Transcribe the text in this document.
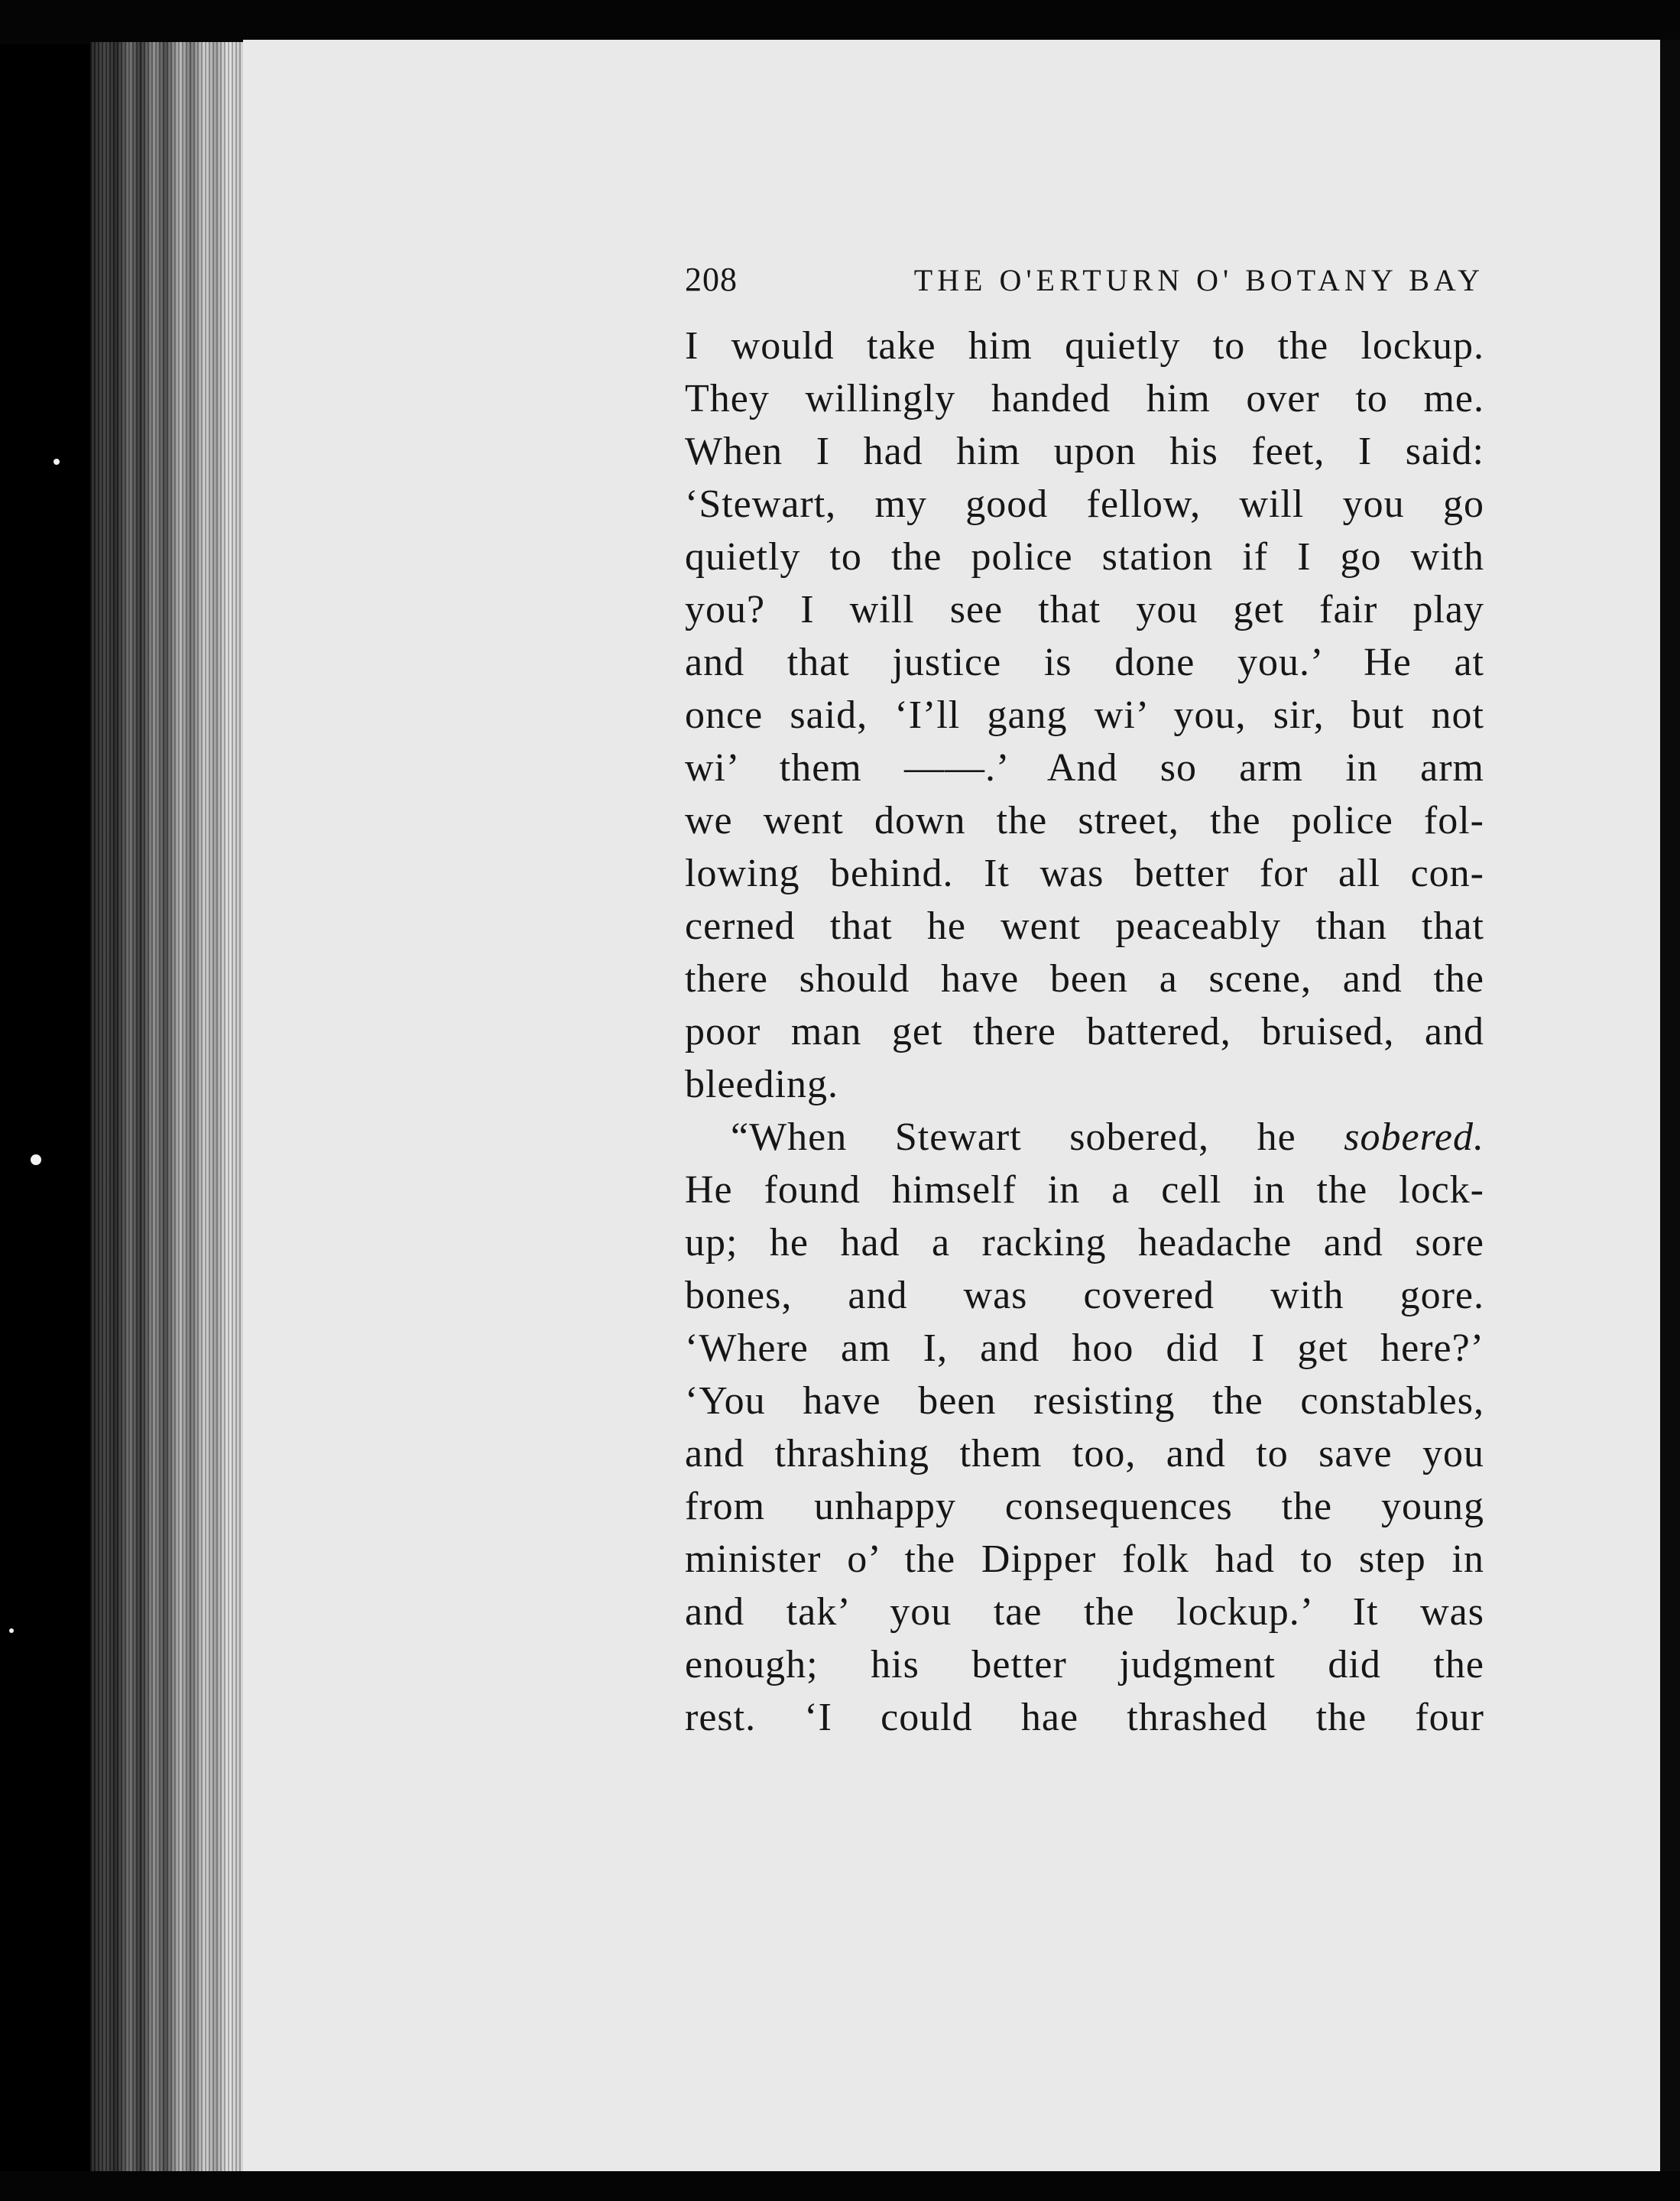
208	THE O'ERTURN O' BOTANY BAY
I would take him quietly to the lockup.
They willingly handed him over to me.
When I had him upon his feet, I said:
‘Stewart, my good fellow, will you go
quietly to the police station if I go with
you? I will see that you get fair play
and that justice is done you.’ He at
once said, ‘I’ll gang wi’ you, sir, but not
wi’ them ——.’ And so arm in arm
we went down the street, the police fol-
lowing behind. It was better for all con-
cerned that he went peaceably than that
there should have been a scene, and the
poor man get there battered, bruised, and
bleeding.
“When Stewart sobered, he sobered.
He found himself in a cell in the lock-
up; he had a racking headache and sore
bones, and was covered with gore.
‘Where am I, and hoo did I get here?’
‘You have been resisting the constables,
and thrashing them too, and to save you
from unhappy consequences the young
minister o’ the Dipper folk had to step in
and tak’ you tae the lockup.’ It was
enough; his better judgment did the
rest. ‘I could hae thrashed the four
